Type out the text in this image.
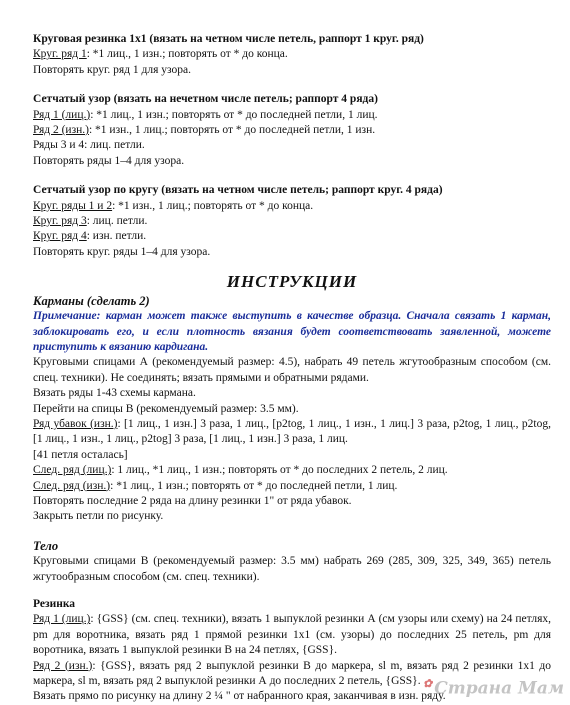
Круговая резинка 1x1 (вязать на четном числе петель, раппорт 1 круг. ряд)

Круг. ряд 1: *1 лиц., 1 изн.; повторять от * до конца.

Повторять круг. ряд 1 для узора.

Сетчатый узор (вязать на нечетном числе петель; раппорт 4 ряда)

Ряд 1 (лиц.): *1 лиц., 1 изн.; повторять от * до последней петли, 1 лиц.

Ряд 2 (изн.): *1 изн., 1 лиц.; повторять от * до последней петли, 1 изн.

Ряды 3 и 4: лиц. петли.

Повторять ряды 1–4 для узора.

Сетчатый узор по кругу (вязать на четном числе петель; раппорт круг. 4 ряда)

Круг. ряды 1 и 2: *1 изн., 1 лиц.; повторять от * до конца.

Круг. ряд 3: лиц. петли.

Круг. ряд 4: изн. петли.

Повторять круг. ряды 1–4 для узора.

ИНСТРУКЦИИ

Карманы (сделать 2)

Примечание: карман может также выступить в качестве образца. Сначала связать 1 карман, заблокировать его, и если плотность вязания будет соответствовать заявленной, можете приступить к вязанию кардигана.

Круговыми спицами А (рекомендуемый размер: 4.5), набрать 49 петель жгутообразным способом (см. спец. техники). Не соединять; вязать прямыми и обратными рядами.

Вязать ряды 1-43 схемы кармана.

Перейти на спицы В (рекомендуемый размер: 3.5 мм).

Ряд убавок (изн.): [1 лиц., 1 изн.] 3 раза, 1 лиц., [p2tog, 1 лиц., 1 изн., 1 лиц.] 3 раза, p2tog, 1 лиц., p2tog, [1 лиц., 1 изн., 1 лиц., p2tog] 3 раза, [1 лиц., 1 изн.] 3 раза, 1 лиц.

[41 петля осталась]

След. ряд (лиц.): 1 лиц., *1 лиц., 1 изн.; повторять от * до последних 2 петель, 2 лиц.

След. ряд (изн.): *1 лиц., 1 изн.; повторять от * до последней петли, 1 лиц.

Повторять последние 2 ряда на длину резинки 1" от ряда убавок.

Закрыть петли по рисунку.

Тело

Круговыми спицами В (рекомендуемый размер: 3.5 мм) набрать 269 (285, 309, 325, 349, 365) петель жгутообразным способом (см. спец. техники).

Резинка

Ряд 1 (лиц.): {GSS} (см. спец. техники), вязать 1 выпуклой резинки А (см узоры или схему) на 24 петлях, pm для воротника, вязать ряд 1 прямой резинки 1x1 (см. узоры) до последних 25 петель, pm для воротника, вязать 1 выпуклой резинки В на 24 петлях, {GSS}.

Ряд 2 (изн.): {GSS}, вязать ряд 2 выпуклой резинки В до маркера, sl m, вязать ряд 2 резинки 1x1 до маркера, sl m, вязать ряд 2 выпуклой резинки А до последних 2 петель, {GSS}.

Вязать прямо по рисунку на длину 2 ¼ " от набранного края, заканчивая в изн. ряду.

✿ Страна Мам
